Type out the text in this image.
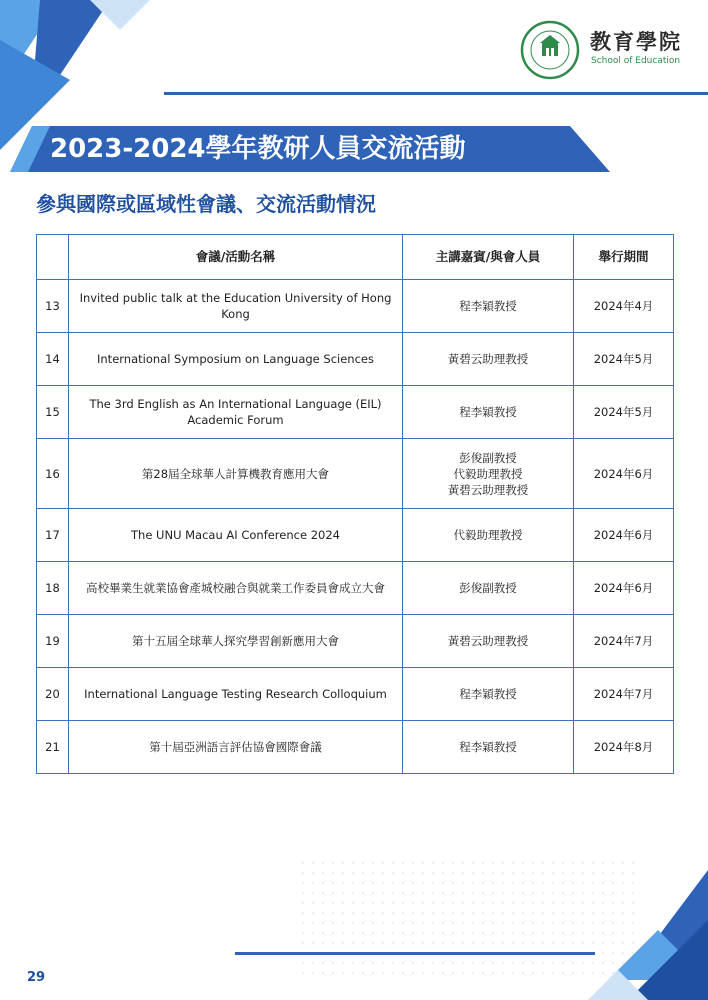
教育學院
School of Education
2023-2024學年教研人員交流活動
參與國際或區域性會議、交流活動情況
	會議/活動名稱	主講嘉賓/與會人員	舉行期間
13	Invited public talk at the Education University of Hong Kong	程李穎教授	2024年4月
14	International Symposium on Language Sciences	黃碧云助理教授	2024年5月
15	The 3rd English as An International Language (EIL)
Academic Forum	程李穎教授	2024年5月
16	第28屆全球華人計算機教育應用大會	彭俊副教授
代毅助理教授
黃碧云助理教授	2024年6月
17	The UNU Macau AI Conference 2024	代毅助理教授	2024年6月
18	高校畢業生就業協會產城校融合與就業工作委員會成立大會	彭俊副教授	2024年6月
19	第十五屆全球華人探究學習創新應用大會	黃碧云助理教授	2024年7月
20	International Language Testing Research Colloquium	程李穎教授	2024年7月
21	第十屆亞洲語言評估協會國際會議	程李穎教授	2024年8月
29
